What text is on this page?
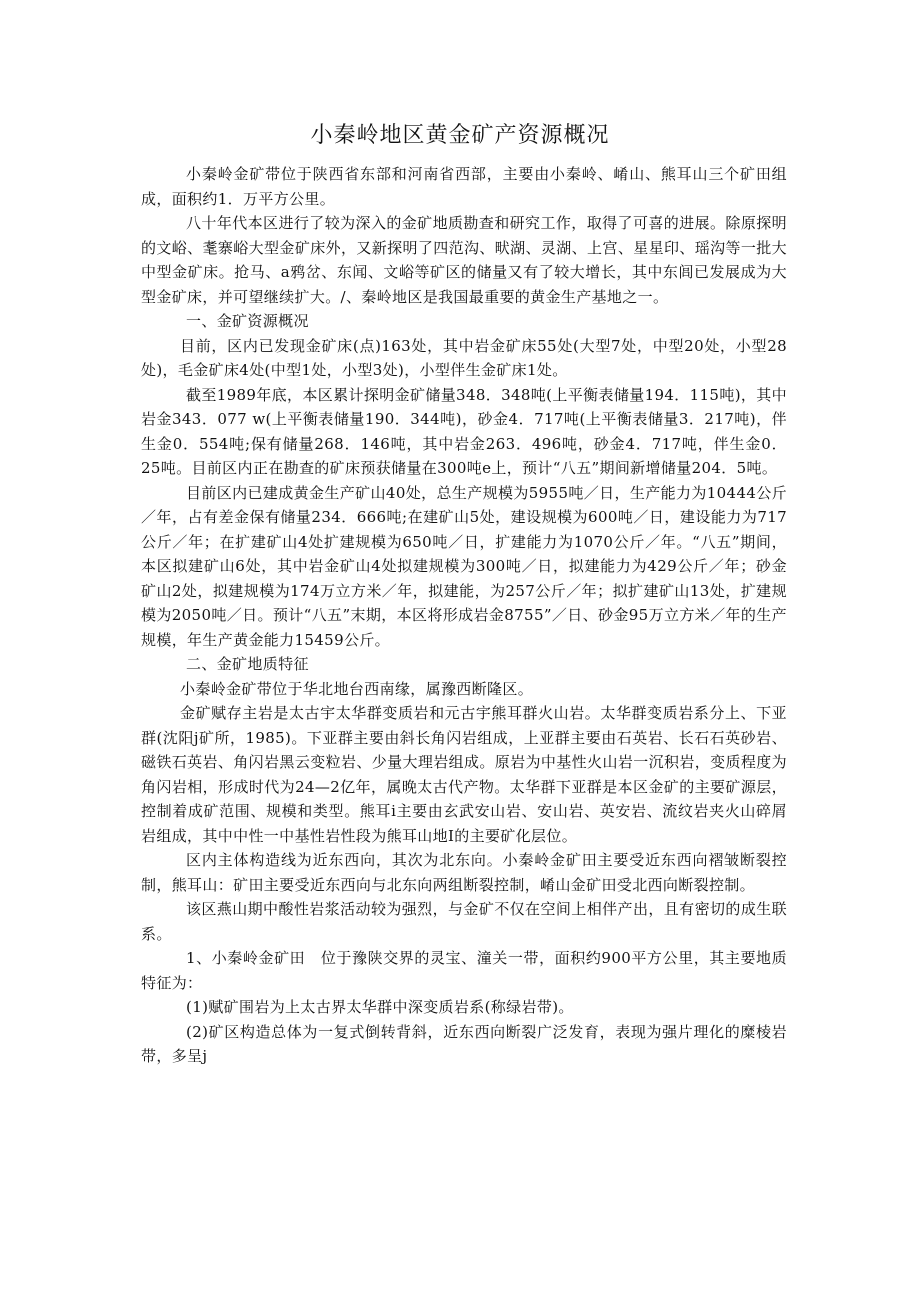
小秦岭地区黄金矿产资源概况

小秦岭金矿带位于陕西省东部和河南省西部，主要由小秦岭、崤山、熊耳山三个矿田组成，面积约1．万平方公里。

八十年代本区进行了较为深入的金矿地质勘查和研究工作，取得了可喜的进展。除原探明的文峪、耄寨峪大型金矿床外，又新探明了四范沟、畎湖、灵湖、上宫、星星印、瑶沟等一批大中型金矿床。抢马、a鸦岔、东闻、文峪等矿区的储量又有了较大增长，其中东闾已发展成为大型金矿床，并可望继续扩大。/、秦岭地区是我国最重要的黄金生产基地之一。

一、金矿资源概况

目前，区内已发现金矿床(点)163处，其中岩金矿床55处(大型7处，中型20处，小型28处)，毛金矿床4处(中型1处，小型3处)，小型伴生金矿床1处。

截至1989年底，本区累计探明金矿储量348．348吨(上平衡表储量194．115吨)，其中岩金343．077 w(上平衡表储量190．344吨)，砂金4．717吨(上平衡表储量3．217吨)，伴生金0．554吨;保有储量268．146吨，其中岩金263．496吨，砂金4．717吨，伴生金0．25吨。目前区内正在勘查的矿床预获储量在300吨e上，预计“八五”期间新增储量204．5吨。

目前区内已建成黄金生产矿山40处，总生产规模为5955吨／日，生产能力为10444公斤／年，占有差金保有储量234．666吨;在建矿山5处，建设规模为600吨／日，建设能力为717公斤／年；在扩建矿山4处扩建规模为650吨／日，扩建能力为1070公斤／年。“八五”期间，本区拟建矿山6处，其中岩金矿山4处拟建规模为300吨／日，拟建能力为429公斤／年；砂金矿山2处，拟建规模为174万立方米／年，拟建能，为257公斤／年；拟扩建矿山13处，扩建规模为2050吨／日。预计“八五”末期，本区将形成岩金8755”／日、砂金95万立方米／年的生产规模，年生产黄金能力15459公斤。

二、金矿地质特征

小秦岭金矿带位于华北地台西南缘，属豫西断隆区。

金矿赋存主岩是太古宇太华群变质岩和元古宇熊耳群火山岩。太华群变质岩系分上、下亚群(沈阳j矿所，1985)。下亚群主要由斜长角闪岩组成，上亚群主要由石英岩、长石石英砂岩、磁铁石英岩、角闪岩黑云变粒岩、少量大理岩组成。原岩为中基性火山岩一沉积岩，变质程度为角闪岩相，形成时代为24—2亿年，属晚太古代产物。太华群下亚群是本区金矿的主要矿源层，控制着成矿范围、规模和类型。熊耳i主要由玄武安山岩、安山岩、英安岩、流纹岩夹火山碎屑岩组成，其中中性一中基性岩性段为熊耳山地I的主要矿化层位。

区内主体构造线为近东西向，其次为北东向。小秦岭金矿田主要受近东西向褶皱断裂控制，熊耳山：矿田主要受近东西向与北东向两组断裂控制，崤山金矿田受北西向断裂控制。

该区燕山期中酸性岩浆活动较为强烈，与金矿不仅在空间上相伴产出，且有密切的成生联系。

1、小秦岭金矿田　位于豫陕交界的灵宝、潼关一带，面积约900平方公里，其主要地质特征为：

(1)赋矿围岩为上太古界太华群中深变质岩系(称绿岩带)。

(2)矿区构造总体为一复式倒转背斜，近东西向断裂广泛发育，表现为强片理化的糜棱岩带，多呈j
